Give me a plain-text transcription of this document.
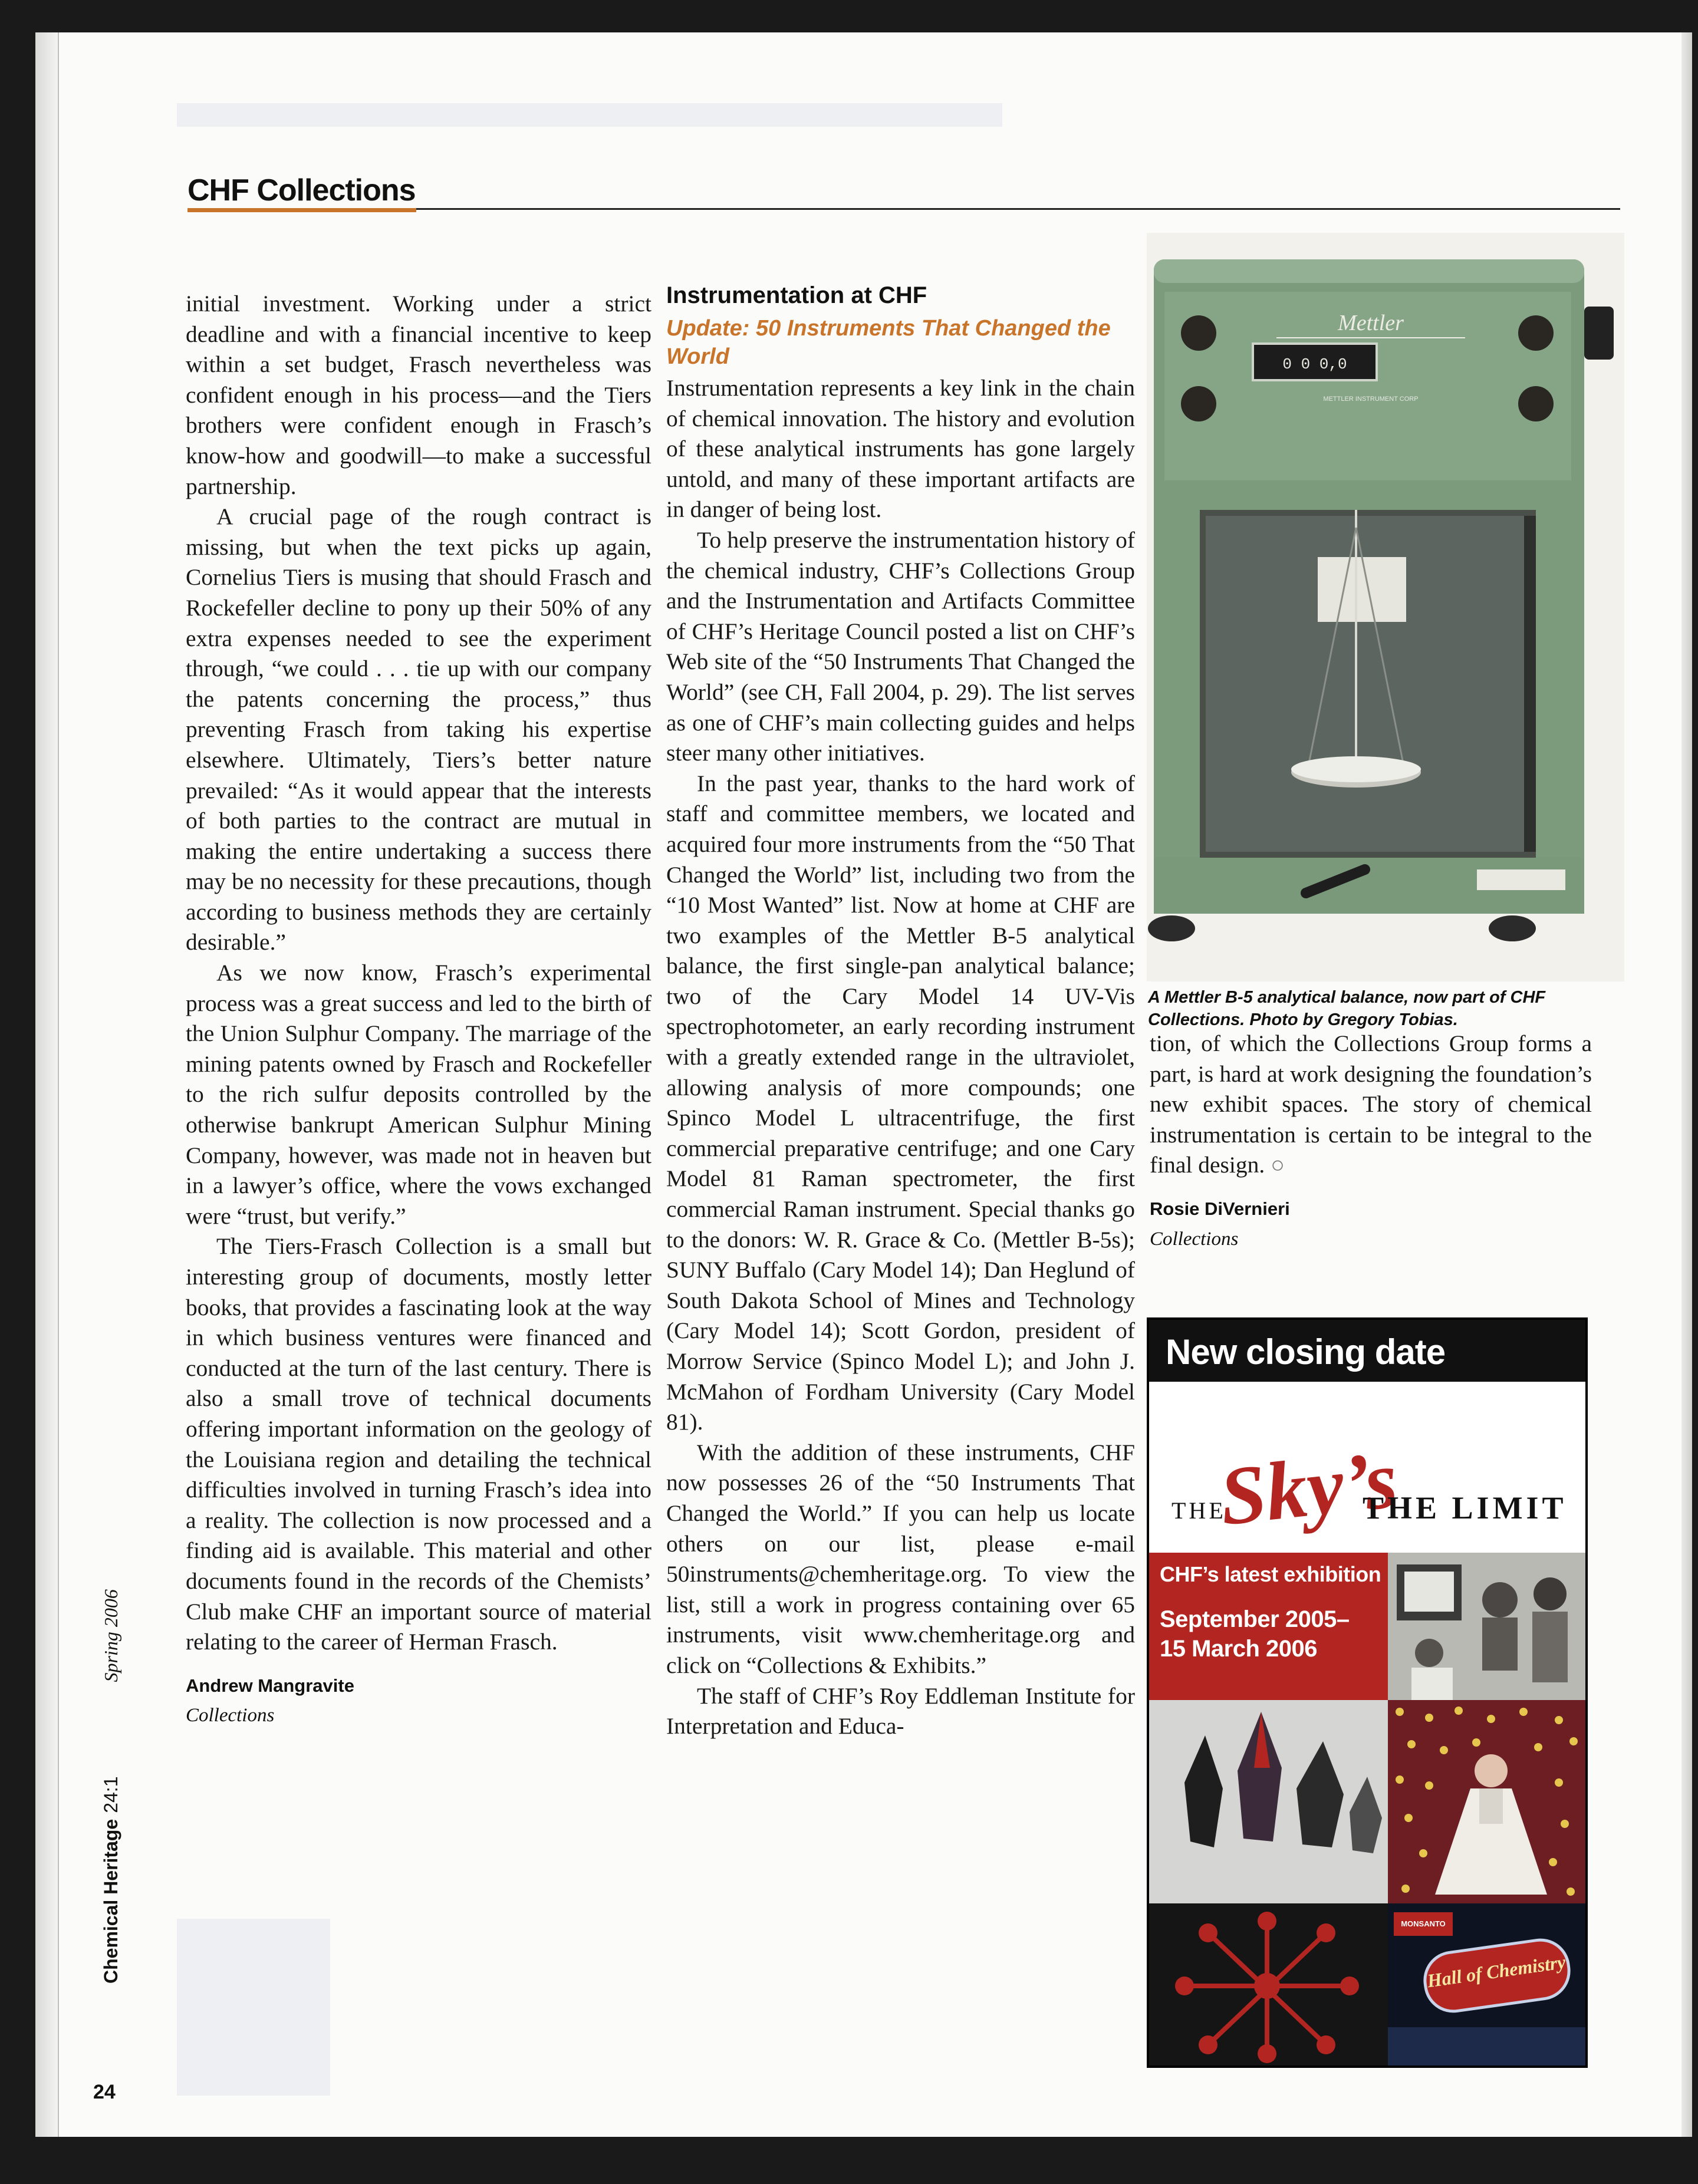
CHF Collections

initial investment. Working under a strict deadline and with a financial incentive to keep within a set budget, Frasch nevertheless was confident enough in his process—and the Tiers brothers were confident enough in Frasch’s know-how and goodwill—to make a successful partnership.

A crucial page of the rough contract is missing, but when the text picks up again, Cornelius Tiers is musing that should Frasch and Rockefeller decline to pony up their 50% of any extra expenses needed to see the experiment through, “we could . . . tie up with our company the patents concerning the process,” thus preventing Frasch from taking his expertise elsewhere. Ultimately, Tiers’s better nature prevailed: “As it would appear that the interests of both parties to the contract are mutual in making the entire undertaking a success there may be no necessity for these precautions, though according to business methods they are certainly desirable.”

As we now know, Frasch’s experimental process was a great success and led to the birth of the Union Sulphur Company. The marriage of the mining patents owned by Frasch and Rockefeller to the rich sulfur deposits controlled by the otherwise bankrupt American Sulphur Mining Company, however, was made not in heaven but in a lawyer’s office, where the vows exchanged were “trust, but verify.”

The Tiers-Frasch Collection is a small but interesting group of documents, mostly letter books, that provides a fascinating look at the way in which business ventures were financed and conducted at the turn of the last century. There is also a small trove of technical documents offering important information on the geology of the Louisiana region and detailing the technical difficulties involved in turning Frasch’s idea into a reality. The collection is now processed and a finding aid is available. This material and other documents found in the records of the Chemists’ Club make CHF an important source of material relating to the career of Herman Frasch.

Andrew Mangravite
Collections
Instrumentation at CHF
Update: 50 Instruments That Changed the World

Instrumentation represents a key link in the chain of chemical innovation. The history and evolution of these analytical instruments has gone largely untold, and many of these important artifacts are in danger of being lost.

To help preserve the instrumentation history of the chemical industry, CHF’s Collections Group and the Instrumentation and Artifacts Committee of CHF’s Heritage Council posted a list on CHF’s Web site of the “50 Instruments That Changed the World” (see CH, Fall 2004, p. 29). The list serves as one of CHF’s main collecting guides and helps steer many other initiatives.

In the past year, thanks to the hard work of staff and committee members, we located and acquired four more instruments from the “50 That Changed the World” list, including two from the “10 Most Wanted” list. Now at home at CHF are two examples of the Mettler B-5 analytical balance, the first single-pan analytical balance; two of the Cary Model 14 UV-Vis spectrophotometer, an early recording instrument with a greatly extended range in the ultraviolet, allowing analysis of more compounds; one Spinco Model L ultracentrifuge, the first commercial preparative centrifuge; and one Cary Model 81 Raman spectrometer, the first commercial Raman instrument. Special thanks go to the donors: W. R. Grace & Co. (Mettler B-5s); SUNY Buffalo (Cary Model 14); Dan Heglund of South Dakota School of Mines and Technology (Cary Model 14); Scott Gordon, president of Morrow Service (Spinco Model L); and John J. McMahon of Fordham University (Cary Model 81).

With the addition of these instruments, CHF now possesses 26 of the “50 Instruments That Changed the World.” If you can help us locate others on our list, please e-mail 50instruments@chemheritage.org. To view the list, still a work in progress containing over 65 instruments, visit www.chemheritage.org and click on “Collections & Exhibits.”

The staff of CHF’s Roy Eddleman Institute for Interpretation and Educa-

0 0 0,0
Mettler
METTLER INSTRUMENT CORP
A Mettler B-5 analytical balance, now part of CHF Collections. Photo by Gregory Tobias.

tion, of which the Collections Group forms a part, is hard at work designing the foundation’s new exhibit spaces. The story of chemical instrumentation is certain to be integral to the final design. ○

Rosie DiVernieri
Collections
New closing date
THE
Sky’s
THE LIMIT
CHF’s latest exhibition
September 2005–
15 March 2006
MONSANTO
Hall of Chemistry
Chemical Heritage24:1Spring 2006
24
